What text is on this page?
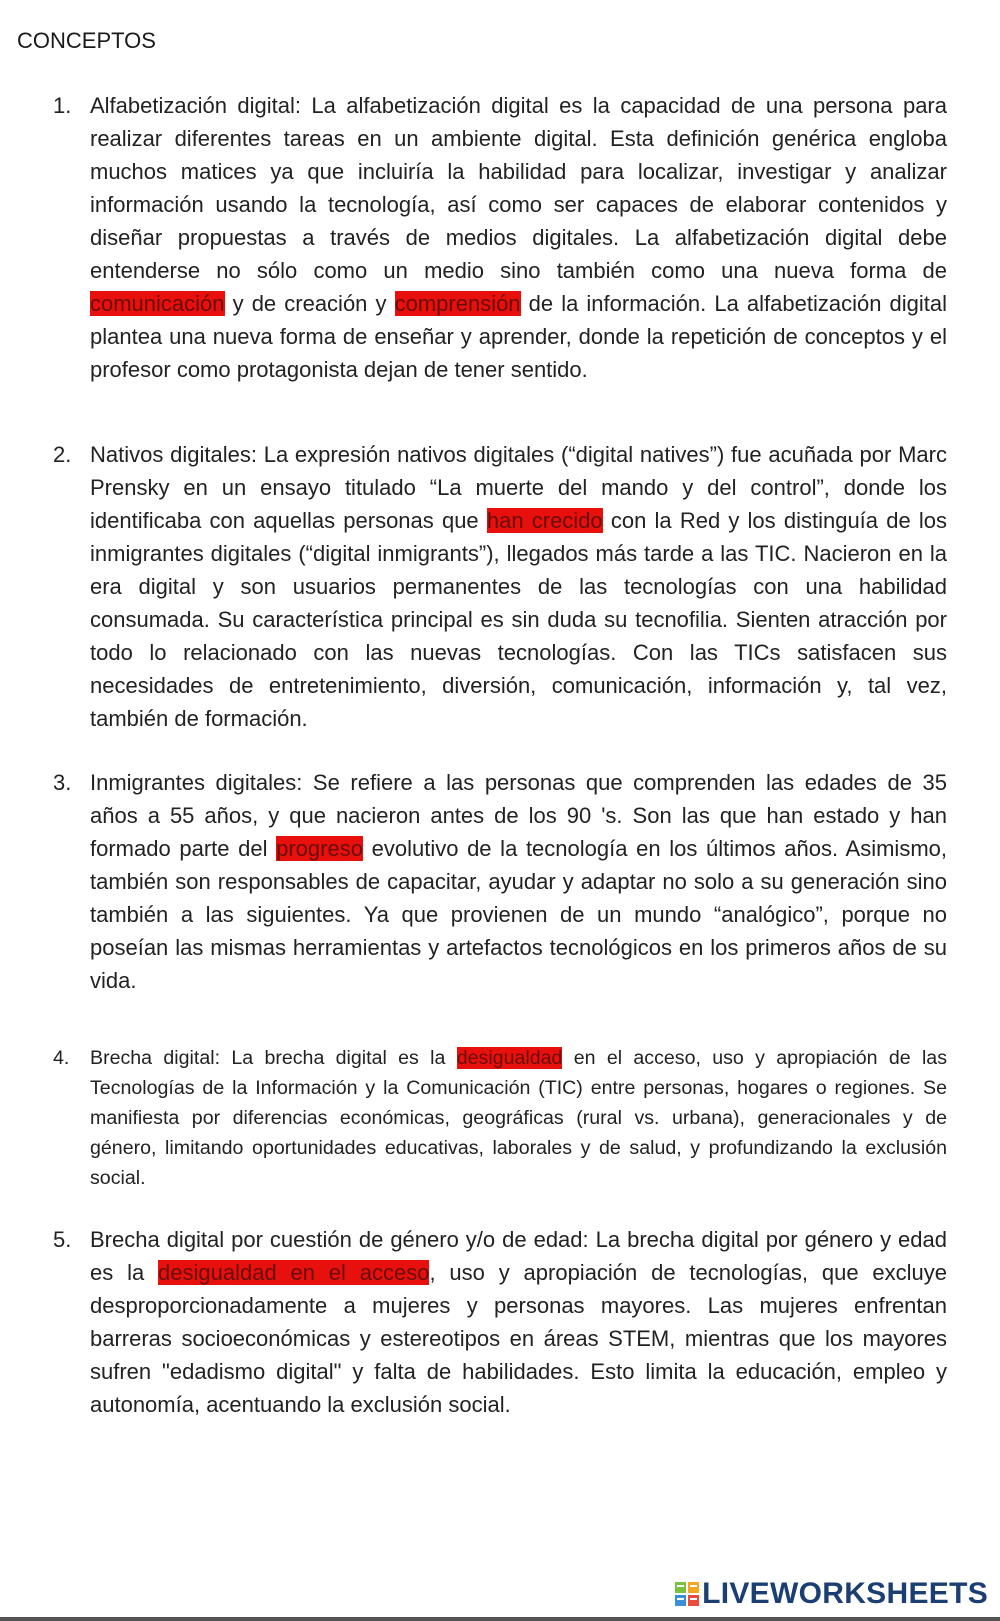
CONCEPTOS
1. Alfabetización digital: La alfabetización digital es la capacidad de una persona para realizar diferentes tareas en un ambiente digital. Esta definición genérica engloba muchos matices ya que incluiría la habilidad para localizar, investigar y analizar información usando la tecnología, así como ser capaces de elaborar contenidos y diseñar propuestas a través de medios digitales. La alfabetización digital debe entenderse no sólo como un medio sino también como una nueva forma de comunicación y de creación y comprensión de la información. La alfabetización digital plantea una nueva forma de enseñar y aprender, donde la repetición de conceptos y el profesor como protagonista dejan de tener sentido.
2. Nativos digitales: La expresión nativos digitales (“digital natives”) fue acuñada por Marc Prensky en un ensayo titulado “La muerte del mando y del control”, donde los identificaba con aquellas personas que han crecido con la Red y los distinguía de los inmigrantes digitales (“digital inmigrants”), llegados más tarde a las TIC. Nacieron en la era digital y son usuarios permanentes de las tecnologías con una habilidad consumada. Su característica principal es sin duda su tecnofilia. Sienten atracción por todo lo relacionado con las nuevas tecnologías. Con las TICs satisfacen sus necesidades de entretenimiento, diversión, comunicación, información y, tal vez, también de formación.
3. Inmigrantes digitales: Se refiere a las personas que comprenden las edades de 35 años a 55 años, y que nacieron antes de los 90 's. Son las que han estado y han formado parte del progreso evolutivo de la tecnología en los últimos años. Asimismo, también son responsables de capacitar, ayudar y adaptar no solo a su generación sino también a las siguientes. Ya que provienen de un mundo “analógico”, porque no poseían las mismas herramientas y artefactos tecnológicos en los primeros años de su vida.
4. Brecha digital: La brecha digital es la desigualdad en el acceso, uso y apropiación de las Tecnologías de la Información y la Comunicación (TIC) entre personas, hogares o regiones. Se manifiesta por diferencias económicas, geográficas (rural vs. urbana), generacionales y de género, limitando oportunidades educativas, laborales y de salud, y profundizando la exclusión social.
5. Brecha digital por cuestión de género y/o de edad: La brecha digital por género y edad es la desigualdad en el acceso, uso y apropiación de tecnologías, que excluye desproporcionadamente a mujeres y personas mayores. Las mujeres enfrentan barreras socioeconómicas y estereotipos en áreas STEM, mientras que los mayores sufren "edadismo digital" y falta de habilidades. Esto limita la educación, empleo y autonomía, acentuando la exclusión social.
LIVEWORKSHEETS
